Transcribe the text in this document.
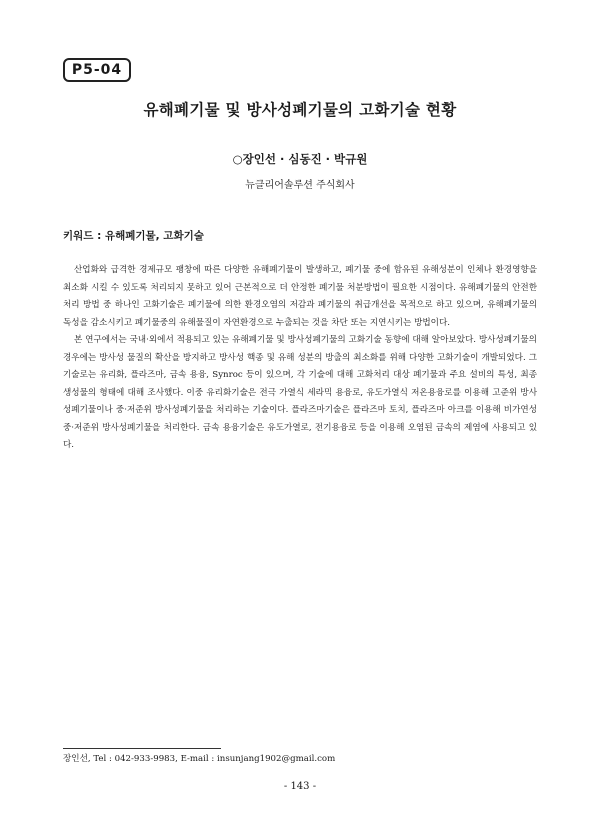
P5-04
유해폐기물 및 방사성폐기물의 고화기술 현황
○장인선 · 심동진 · 박규원
뉴클리어솔루션 주식회사
키워드 : 유해폐기물, 고화기술

산업화와 급격한 경제규모 팽창에 따른 다양한 유해폐기물이 발생하고, 폐기물 중에 함유된 유해성분이 인체나 환경영향을 최소화 시킬 수 있도록 처리되지 못하고 있어 근본적으로 더 안정한 폐기물 처분방법이 필요한 시점이다. 유해폐기물의 안전한 처리 방법 중 하나인 고화기술은 폐기물에 의한 환경오염의 저감과 폐기물의 취급개선을 목적으로 하고 있으며, 유해폐기물의 독성을 감소시키고 폐기물중의 유해물질이 자연환경으로 누출되는 것을 차단 또는 지연시키는 방법이다.

본 연구에서는 국내·외에서 적용되고 있는 유해폐기물 및 방사성폐기물의 고화기술 동향에 대해 알아보았다. 방사성폐기물의 경우에는 방사성 물질의 확산을 방지하고 방사성 핵종 및 유해 성분의 방출의 최소화를 위해 다양한 고화기술이 개발되었다. 그 기술로는 유리화, 플라즈마, 금속 용융, Synroc 등이 있으며, 각 기술에 대해 고화처리 대상 폐기물과 주요 설비의 특성, 최종 생성물의 형태에 대해 조사했다. 이중 유리화기술은 전극 가열식 세라믹 용융로, 유도가열식 저온용융로를 이용해 고준위 방사성폐기물이나 중·저준위 방사성폐기물을 처리하는 기술이다. 플라즈마기술은 플라즈마 토치, 플라즈마 아크를 이용해 비가연성 중·저준위 방사성폐기물을 처리한다. 금속 용융기술은 유도가열로, 전기용융로 등을 이용해 오염된 금속의 제염에 사용되고 있다.

장인선, Tel : 042-933-9983, E-mail : insunjang1902@gmail.com
- 143 -
